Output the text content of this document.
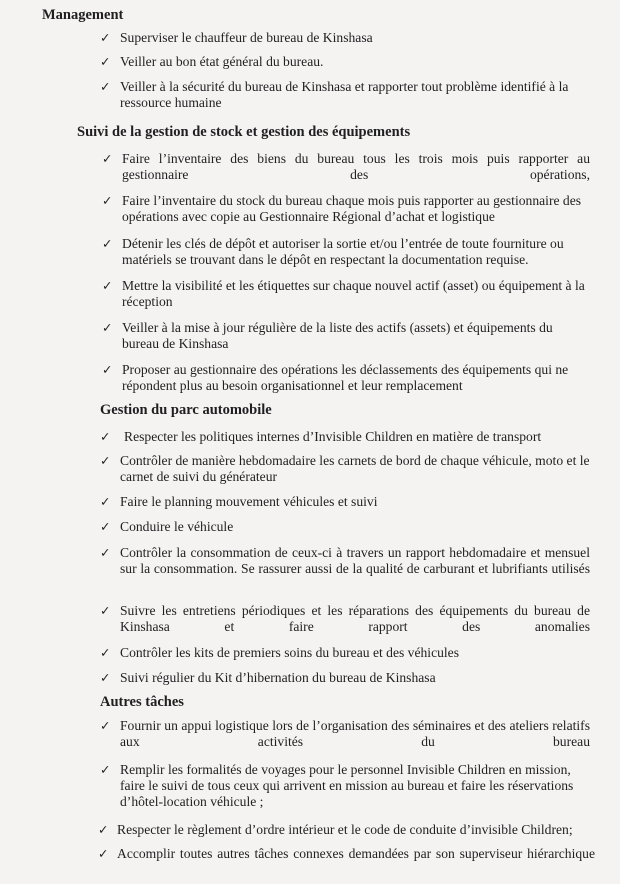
Management
✓ Superviser le chauffeur de bureau de Kinshasa
✓ Veiller au bon état général du bureau.
✓ Veiller à la sécurité du bureau de Kinshasa et rapporter tout problème identifié à la ressource humaine
Suivi de la gestion de stock et gestion des équipements
✓ Faire l’inventaire des biens du bureau tous les trois mois puis rapporter au gestionnaire des opérations,
✓ Faire l’inventaire du stock du bureau chaque mois puis rapporter au gestionnaire des opérations avec copie au Gestionnaire Régional d’achat et logistique
✓ Détenir les clés de dépôt et autoriser la sortie et/ou l’entrée de toute fourniture ou matériels se trouvant dans le dépôt en respectant la documentation requise.
✓ Mettre la visibilité et les étiquettes sur chaque nouvel actif (asset) ou équipement à la réception
✓ Veiller à la mise à jour régulière de la liste des actifs (assets) et équipements du bureau de Kinshasa
✓ Proposer au gestionnaire des opérations les déclassements des équipements qui ne répondent plus au besoin organisationnel et leur remplacement
Gestion du parc automobile
✓ Respecter les politiques internes d’Invisible Children en matière de transport
✓ Contrôler de manière hebdomadaire les carnets de bord de chaque véhicule, moto et le carnet de suivi du générateur
✓ Faire le planning mouvement véhicules et suivi
✓ Conduire le véhicule
✓ Contrôler la consommation de ceux-ci à travers un rapport hebdomadaire et mensuel sur la consommation. Se rassurer aussi de la qualité de carburant et lubrifiants utilisés
✓ Suivre les entretiens périodiques et les réparations des équipements du bureau de Kinshasa et faire rapport des anomalies
✓ Contrôler les kits de premiers soins du bureau et des véhicules
✓ Suivi régulier du Kit d’hibernation du bureau de Kinshasa
Autres tâches
✓ Fournir un appui logistique lors de l’organisation des séminaires et des ateliers relatifs aux activités du bureau
✓ Remplir les formalités de voyages pour le personnel Invisible Children en mission, faire le suivi de tous ceux qui arrivent en mission au bureau et faire les réservations d’hôtel-location véhicule ;
✓ Respecter le règlement d’ordre intérieur et le code de conduite d’invisible Children;
✓ Accomplir toutes autres tâches connexes demandées par son superviseur hiérarchique
